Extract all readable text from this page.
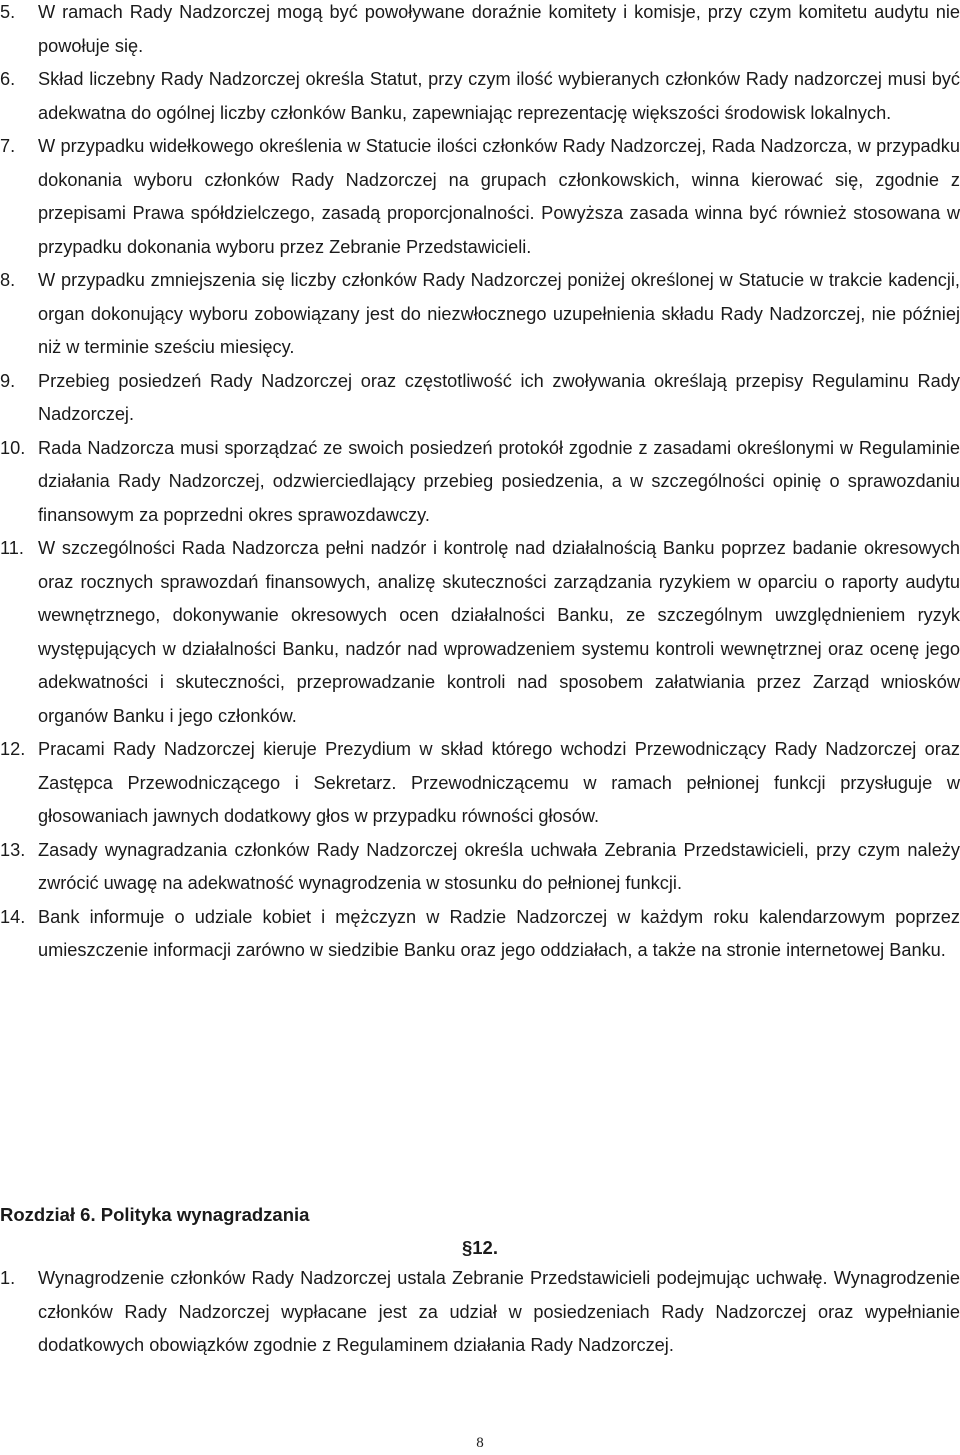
5.	W ramach Rady Nadzorczej mogą być powoływane doraźnie komitety i komisje, przy czym komitetu audytu nie powołuje się.
6.	Skład liczebny Rady Nadzorczej określa Statut, przy czym ilość wybieranych członków Rady nadzorczej musi być adekwatna do ogólnej liczby członków Banku, zapewniając reprezentację większości środowisk lokalnych.
7.	W przypadku widełkowego określenia w Statucie ilości członków Rady Nadzorczej, Rada Nadzorcza, w przypadku dokonania wyboru członków Rady Nadzorczej na grupach członkowskich, winna kierować się, zgodnie z przepisami Prawa spółdzielczego, zasadą proporcjonalności. Powyższa zasada winna być również stosowana w przypadku dokonania wyboru przez Zebranie Przedstawicieli.
8.	W przypadku zmniejszenia się liczby członków Rady Nadzorczej poniżej określonej w Statucie w trakcie kadencji, organ dokonujący wyboru zobowiązany jest do niezwłocznego uzupełnienia składu Rady Nadzorczej, nie później niż w terminie sześciu miesięcy.
9.	Przebieg posiedzeń Rady Nadzorczej oraz częstotliwość ich zwoływania określają przepisy Regulaminu Rady Nadzorczej.
10. Rada Nadzorcza musi sporządzać ze swoich posiedzeń protokół zgodnie z zasadami określonymi w Regulaminie działania Rady Nadzorczej, odzwierciedlający przebieg posiedzenia, a w szczególności opinię o sprawozdaniu finansowym za poprzedni okres sprawozdawczy.
11. W szczególności Rada Nadzorcza pełni nadzór i kontrolę nad działalnością Banku poprzez badanie okresowych oraz rocznych sprawozdań finansowych, analizę skuteczności zarządzania ryzykiem w oparciu o raporty audytu wewnętrznego, dokonywanie okresowych ocen działalności Banku, ze szczególnym uwzględnieniem ryzyk występujących w działalności Banku, nadzór nad wprowadzeniem systemu kontroli wewnętrznej oraz ocenę jego adekwatności i skuteczności, przeprowadzanie kontroli nad sposobem załatwiania przez Zarząd wniosków organów Banku i jego członków.
12. Pracami Rady Nadzorczej kieruje Prezydium w skład którego wchodzi Przewodniczący Rady Nadzorczej oraz Zastępca Przewodniczącego i Sekretarz. Przewodniczącemu w ramach pełnionej funkcji przysługuje w głosowaniach jawnych dodatkowy głos w przypadku równości głosów.
13. Zasady wynagradzania członków Rady Nadzorczej określa uchwała Zebrania Przedstawicieli, przy czym należy zwrócić uwagę na adekwatność wynagrodzenia w stosunku do pełnionej funkcji.
14. Bank informuje o udziale kobiet i mężczyzn w Radzie Nadzorczej w każdym roku kalendarzowym poprzez umieszczenie informacji zarówno w siedzibie Banku oraz jego oddziałach, a także na stronie internetowej Banku.
Rozdział 6. Polityka wynagradzania
§12.
1.	Wynagrodzenie członków Rady Nadzorczej ustala Zebranie Przedstawicieli podejmując uchwałę. Wynagrodzenie członków Rady Nadzorczej wypłacane jest za udział w posiedzeniach Rady Nadzorczej oraz wypełnianie dodatkowych obowiązków zgodnie z Regulaminem działania Rady Nadzorczej.
8
